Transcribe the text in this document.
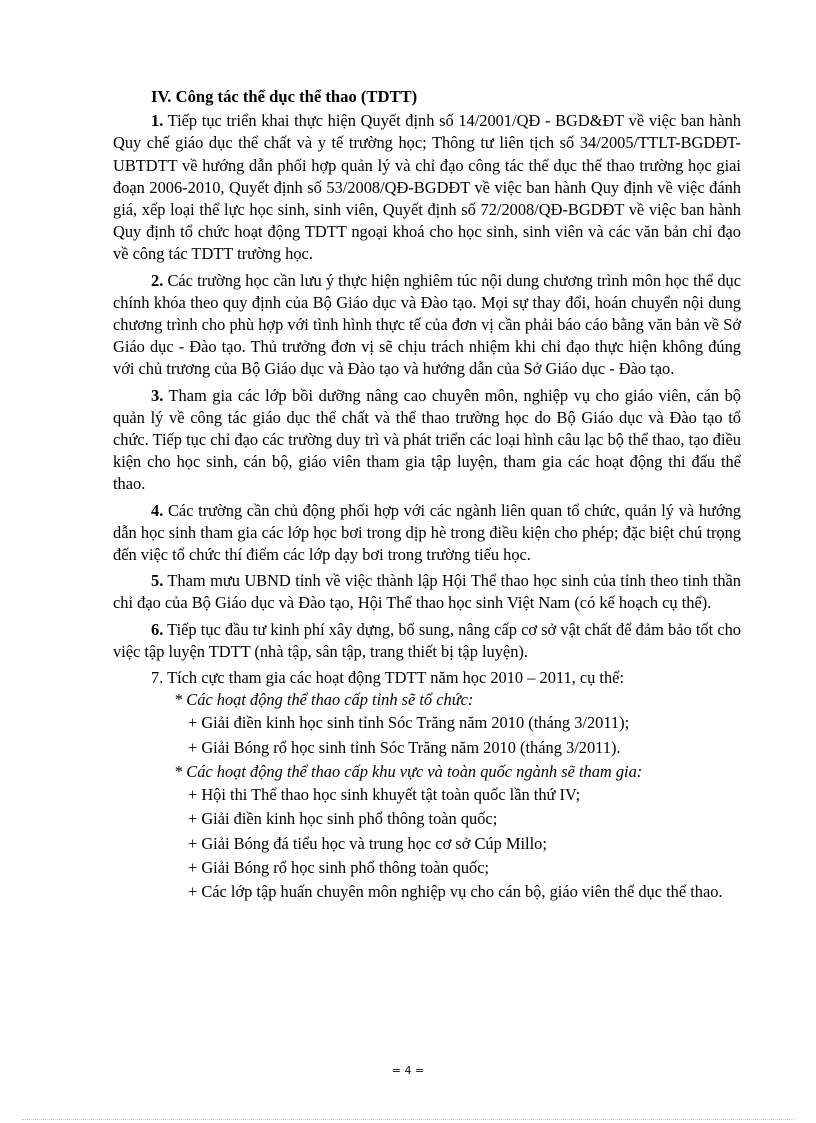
IV. Công tác thể dục thể thao (TDTT)

1. Tiếp tục triển khai thực hiện Quyết định số 14/2001/QĐ - BGD&ĐT về việc ban hành Quy chế giáo dục thể chất và y tế trường học; Thông tư liên tịch số 34/2005/TTLT-BGDĐT-UBTDTT về hướng dẫn phối hợp quản lý và chỉ đạo công tác thể dục thể thao trường học giai đoạn 2006-2010, Quyết định số 53/2008/QĐ-BGDĐT về việc ban hành Quy định về việc đánh giá, xếp loại thể lực học sinh, sinh viên, Quyết định số 72/2008/QĐ-BGDĐT về việc ban hành Quy định tổ chức hoạt động TDTT ngoại khoá cho học sinh, sinh viên và các văn bản chỉ đạo về công tác TDTT trường học.

2. Các trường học cần lưu ý thực hiện nghiêm túc nội dung chương trình môn học thể dục chính khóa theo quy định của Bộ Giáo dục và Đào tạo. Mọi sự thay đổi, hoán chuyển nội dung chương trình cho phù hợp với tình hình thực tế của đơn vị cần phải báo cáo bằng văn bản về Sở Giáo dục - Đào tạo. Thủ trưởng đơn vị sẽ chịu trách nhiệm khi chỉ đạo thực hiện không đúng với chủ trương của Bộ Giáo dục và Đào tạo và hướng dẫn của Sở Giáo dục - Đào tạo.

3. Tham gia các lớp bồi dưỡng nâng cao chuyên môn, nghiệp vụ cho giáo viên, cán bộ quản lý về công tác giáo dục thể chất và thể thao trường học do Bộ Giáo dục và Đào tạo tổ chức. Tiếp tục chỉ đạo các trường duy trì và phát triển các loại hình câu lạc bộ thể thao, tạo điều kiện cho học sinh, cán bộ, giáo viên tham gia tập luyện, tham gia các hoạt động thi đấu thể thao.

4. Các trường cần chủ động phối hợp với các ngành liên quan tổ chức, quản lý và hướng dẫn học sinh tham gia các lớp học bơi trong dịp hè trong điều kiện cho phép; đặc biệt chú trọng đến việc tổ chức thí điểm các lớp dạy bơi trong trường tiểu học.

5. Tham mưu UBND tỉnh về việc thành lập Hội Thể thao học sinh của tỉnh theo tinh thần chỉ đạo của Bộ Giáo dục và Đào tạo, Hội Thể thao học sinh Việt Nam (có kế hoạch cụ thể).

6. Tiếp tục đầu tư kinh phí xây dựng, bổ sung, nâng cấp cơ sở vật chất để đảm bảo tốt cho việc tập luyện TDTT (nhà tập, sân tập, trang thiết bị tập luyện).

7. Tích cực tham gia các hoạt động TDTT năm học 2010 – 2011, cụ thể:

* Các hoạt động thể thao cấp tỉnh sẽ tổ chức:

+ Giải điền kinh học sinh tỉnh Sóc Trăng năm 2010 (tháng 3/2011);

+ Giải Bóng rổ học sinh tỉnh Sóc Trăng năm 2010 (tháng 3/2011).

* Các hoạt động thể thao cấp khu vực và toàn quốc ngành sẽ tham gia:

+ Hội thi Thể thao học sinh khuyết tật toàn quốc lần thứ IV;

+ Giải điền kinh học sinh phổ thông toàn quốc;

+ Giải Bóng đá tiểu học và trung học cơ sở Cúp Millo;

+ Giải Bóng rổ học sinh phổ thông toàn quốc;

+ Các lớp tập huấn chuyên môn nghiệp vụ cho cán bộ, giáo viên thể dục thể thao.

= 4 =
